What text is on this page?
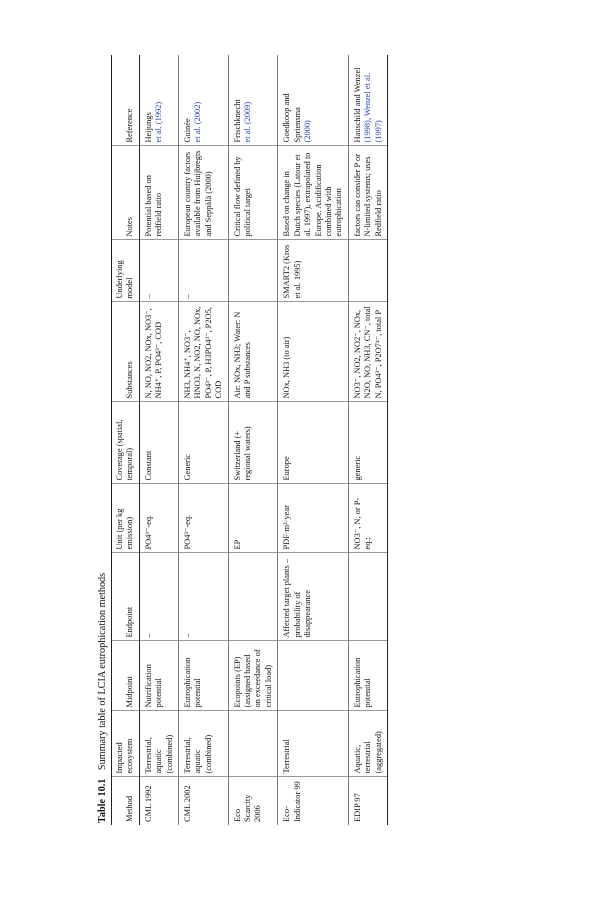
Table 10.1 Summary table of LCIA eutrophication methods
Method	Impacted ecosystem	Midpoint	Endpoint	Unit (per kg emission)	Coverage (spatial, temporal)	Substances	Underlying model	Notes	Reference
CML 1992	Terrestrial, aquatic (combined)	Nutrification potential	–	PO4³⁻-eq.	Constant	N, NO, NO2, NOx, NO3⁻, NH4⁺, P, PO4³⁻, COD	–	Potential based on redfield ratio	Heijungs et al. (1992)
CML 2002	Terrestrial, aquatic (combined)	Eutrophication potential	–	PO4³⁻-eq.	Generic	NH3, NH4⁺, NO3⁻, HNO3, N, NO2, NO, NOx, PO4³⁻, P, H3PO4³⁻, P2O5, COD	–	European country factors available from Huijbregts and Seppälä (2000)	Guinée et al. (2002)
Eco Scarcity 2006		Ecopoints (EP) (assigned based on exceedance of critical load)		EP	Switzerland (+ regional waters)	Air: NOx, NH3; Water: N and P substances		Critical flow defined by political target	Frischknecht et al. (2009)
Eco-Indicator 99	Terrestrial		Affected target plants – probability of disappearance	PDF·m²·year	Europe	NOx, NH3 (to air)	SMART2 (Kros et al. 1995)	Based on change in Dutch species (Latour et al. 1997), extrapolated to Europe. Acidification combined with eutrophication	Goedkoop and Spriensma (2000)
EDIP 97	Aquatic, terrestrial (aggregated)	Eutrophication potential		NO3⁻, N, or P-eq.;	generic	NO3⁻, NO2, NO2⁻, NOx, N2O, NO, NH3, CN⁻, total N, PO4³⁻, P2O7⁴⁻, total P		factors can consider P or N-limited systems; uses Redfield ratio	Hauschild and Wenzel (1998), Wenzel et al. (1997)
